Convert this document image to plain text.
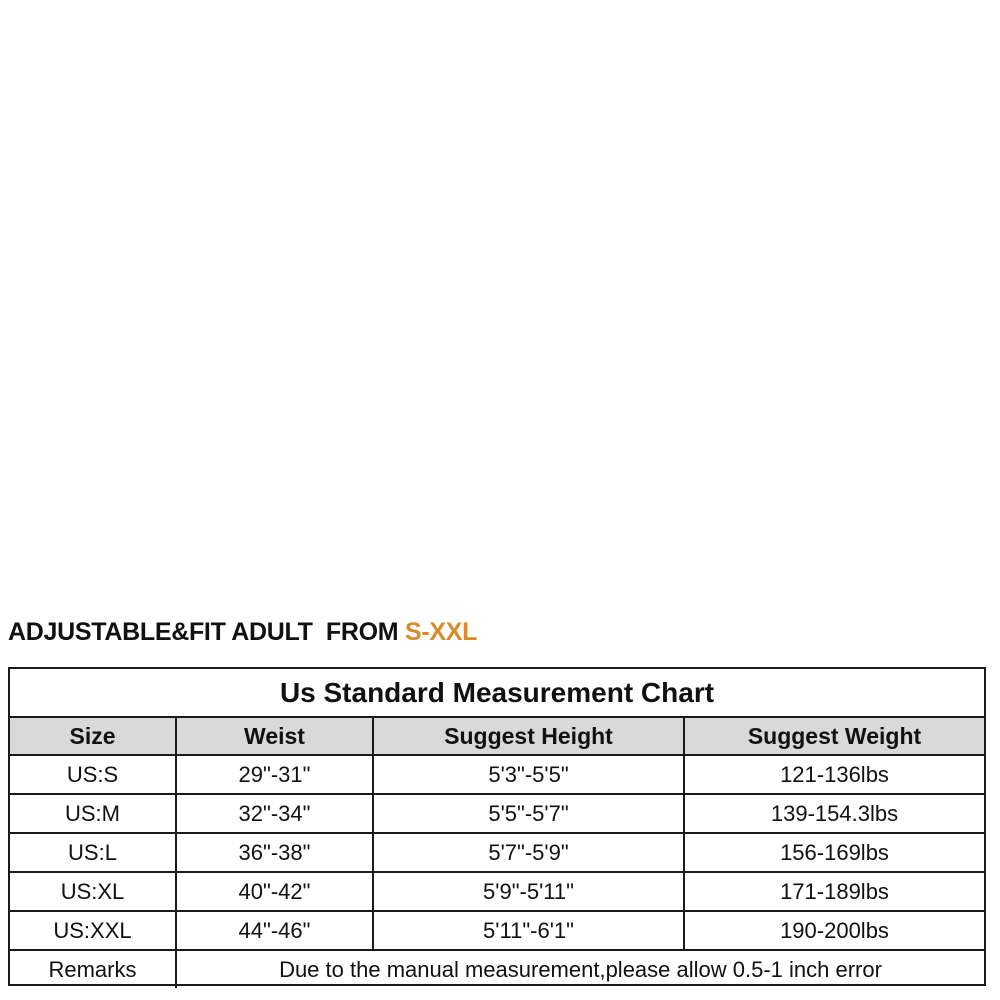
ADJUSTABLE&FIT ADULT  FROM S-XXL
Us Standard Measurement Chart
Size	Weist	Suggest Height	Suggest Weight
US:S	29"-31"	5'3"-5'5"	121-136lbs
US:M	32"-34"	5'5"-5'7"	139-154.3lbs
US:L	36"-38"	5'7"-5'9"	156-169lbs
US:XL	40"-42"	5'9"-5'11"	171-189lbs
US:XXL	44"-46"	5'11"-6'1"	190-200lbs
Remarks	Due to the manual measurement,please allow 0.5-1 inch error		
